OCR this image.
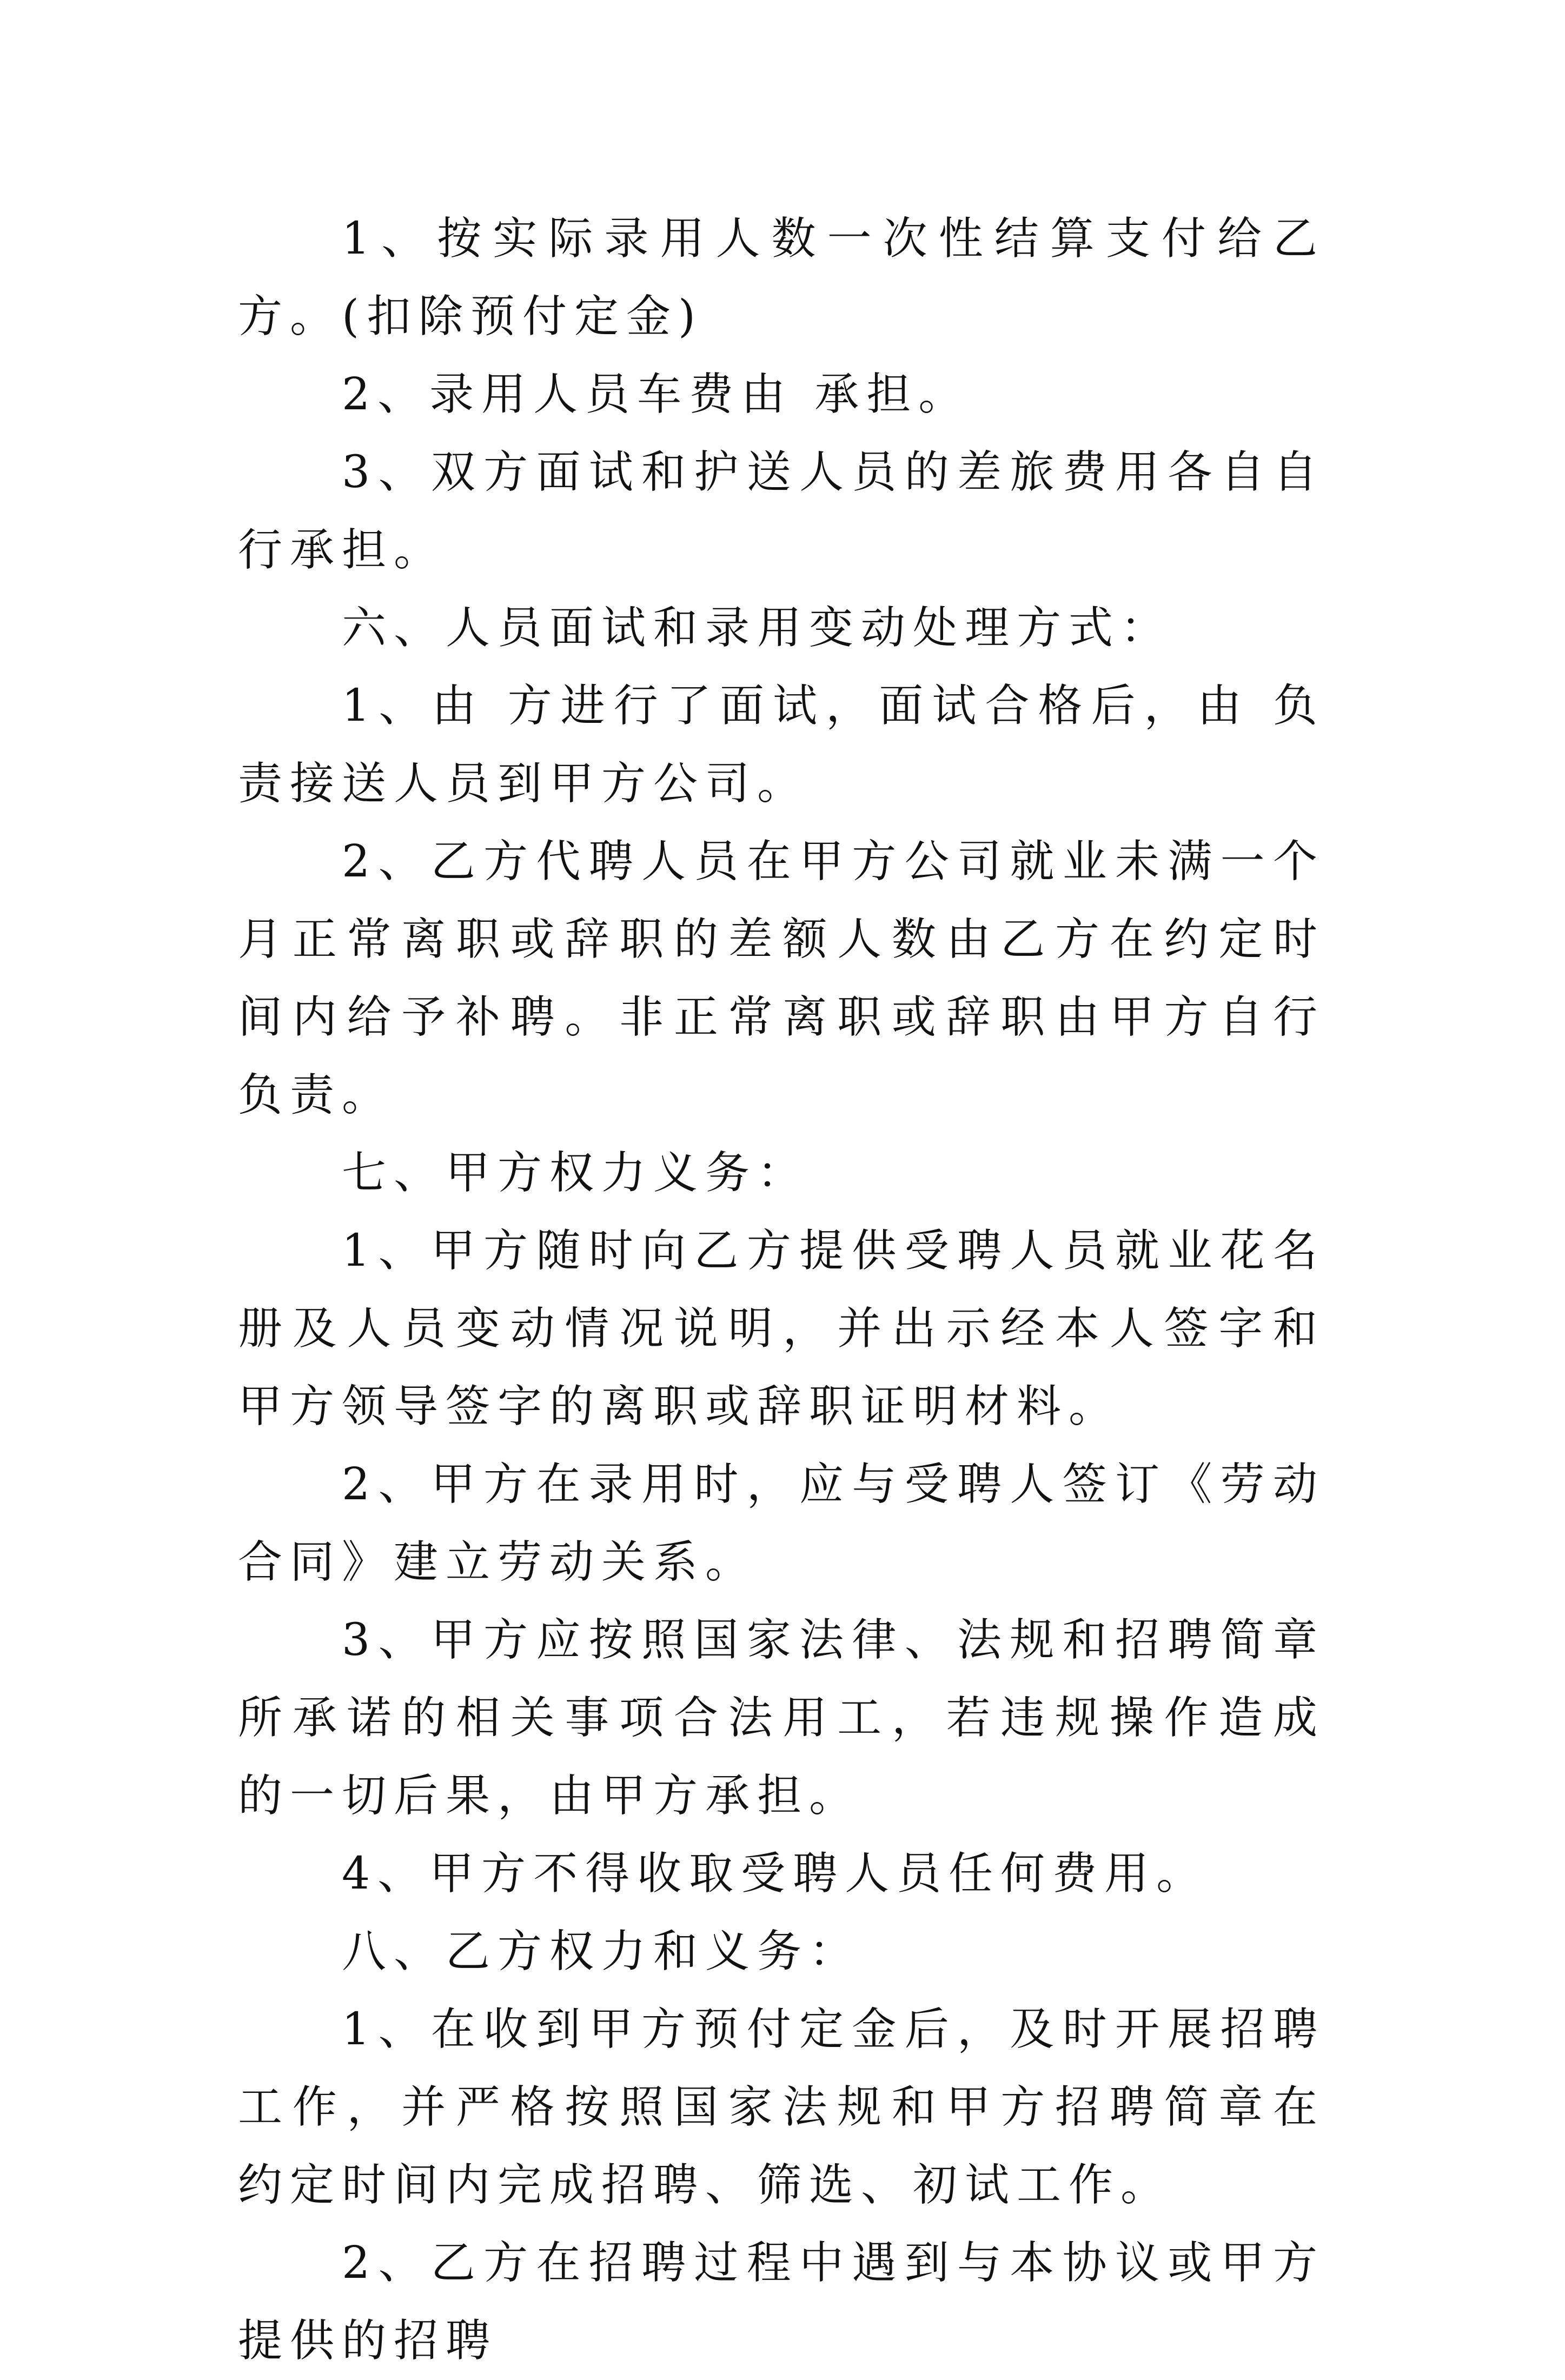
1、按实际录用人数一次性结算支付给乙方。(扣除预付定金)

2、录用人员车费由 承担。

3、双方面试和护送人员的差旅费用各自自行承担。

六、人员面试和录用变动处理方式：

1、由 方进行了面试，面试合格后，由 负责接送人员到甲方公司。

2、乙方代聘人员在甲方公司就业未满一个月正常离职或辞职的差额人数由乙方在约定时间内给予补聘。非正常离职或辞职由甲方自行负责。

七、甲方权力义务：

1、甲方随时向乙方提供受聘人员就业花名册及人员变动情况说明，并出示经本人签字和甲方领导签字的离职或辞职证明材料。

2、甲方在录用时，应与受聘人签订《劳动合同》建立劳动关系。

3、甲方应按照国家法律、法规和招聘简章所承诺的相关事项合法用工，若违规操作造成的一切后果，由甲方承担。

4、甲方不得收取受聘人员任何费用。

八、乙方权力和义务：

1、在收到甲方预付定金后，及时开展招聘工作，并严格按照国家法规和甲方招聘简章在约定时间内完成招聘、筛选、初试工作。

2、乙方在招聘过程中遇到与本协议或甲方提供的招聘
